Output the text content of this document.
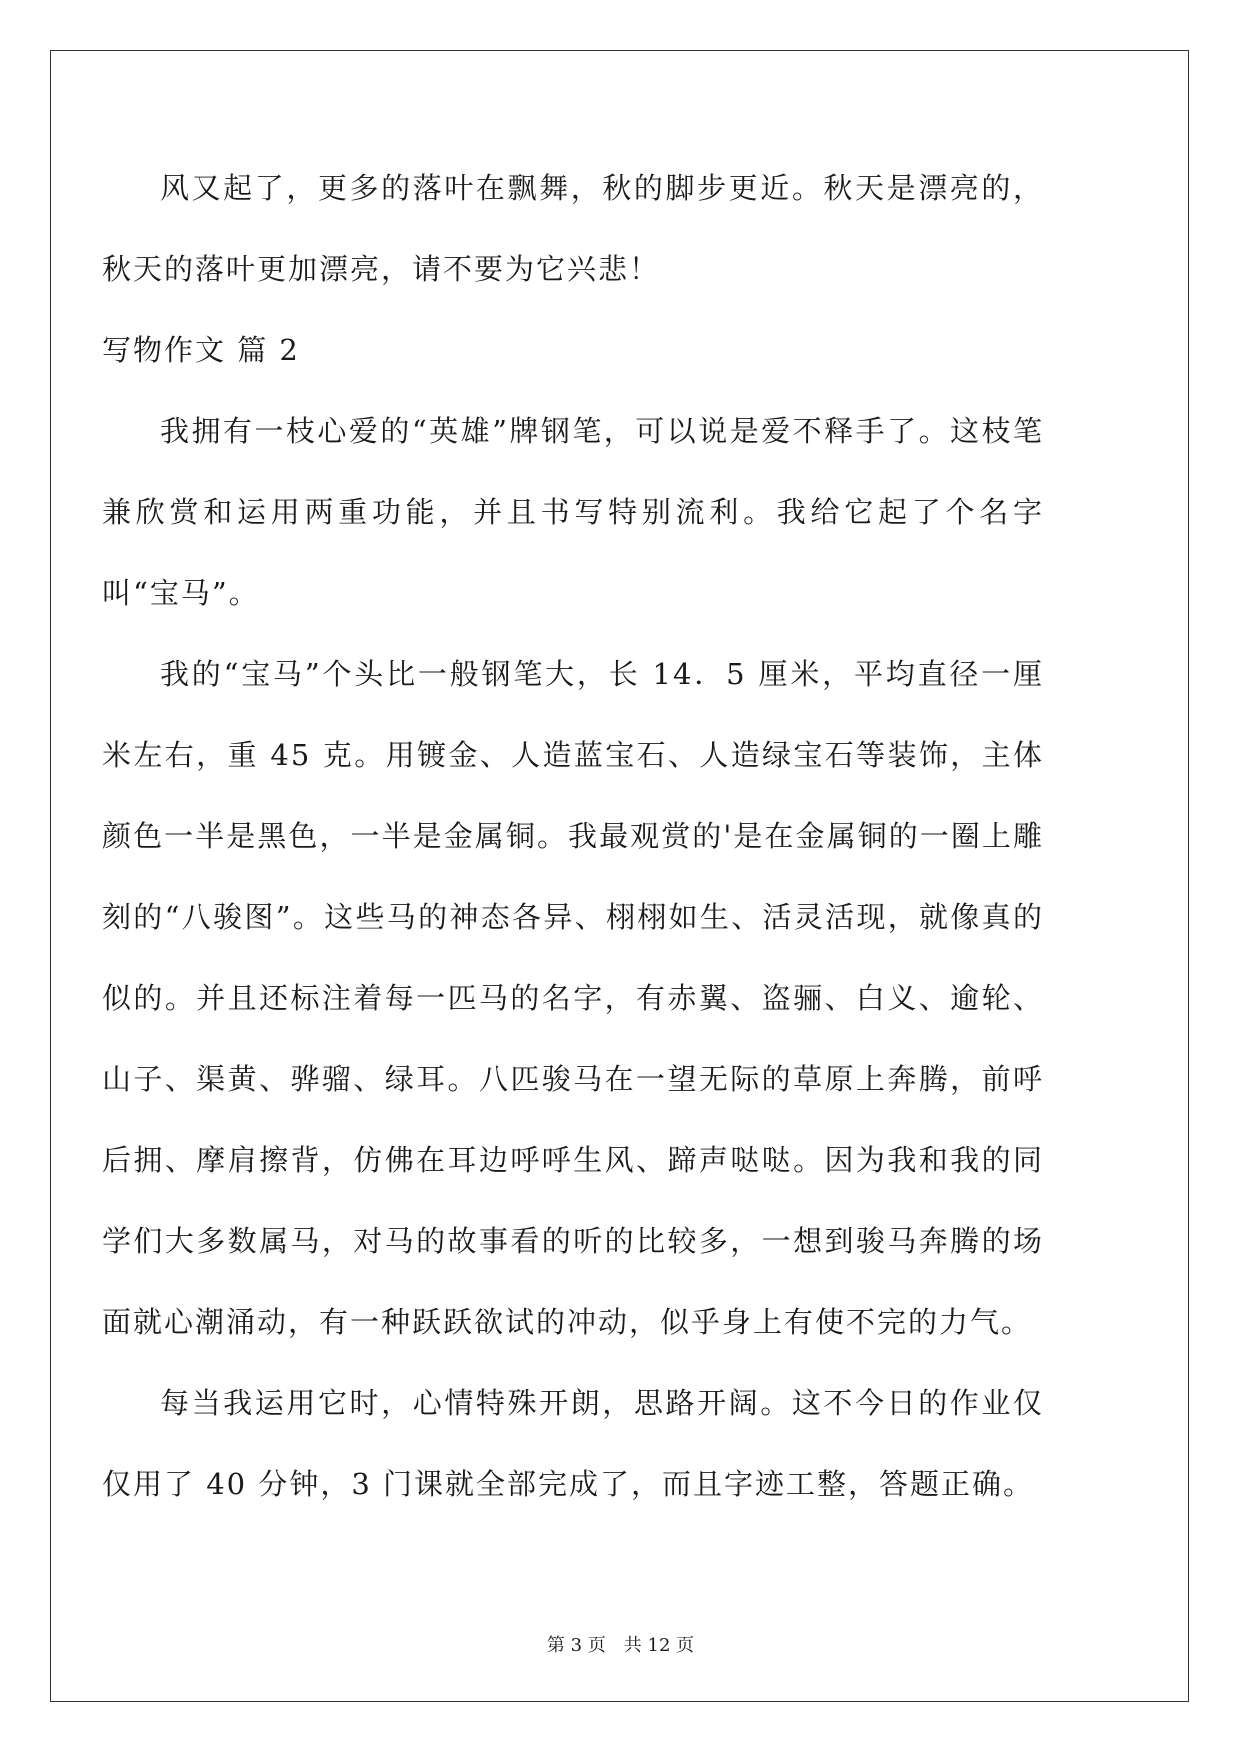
风又起了，更多的落叶在飘舞，秋的脚步更近。秋天是漂亮的，秋天的落叶更加漂亮，请不要为它兴悲！

写物作文 篇 2

我拥有一枝心爱的“英雄”牌钢笔，可以说是爱不释手了。这枝笔兼欣赏和运用两重功能，并且书写特别流利。我给它起了个名字叫“宝马”。

我的“宝马”个头比一般钢笔大，长 14．5 厘米，平均直径一厘米左右，重 45 克。用镀金、人造蓝宝石、人造绿宝石等装饰，主体颜色一半是黑色，一半是金属铜。我最观赏的'是在金属铜的一圈上雕刻的“八骏图”。这些马的神态各异、栩栩如生、活灵活现，就像真的似的。并且还标注着每一匹马的名字，有赤翼、盗骊、白义、逾轮、山子、渠黄、骅骝、绿耳。八匹骏马在一望无际的草原上奔腾，前呼后拥、摩肩擦背，仿佛在耳边呼呼生风、蹄声哒哒。因为我和我的同学们大多数属马，对马的故事看的听的比较多，一想到骏马奔腾的场面就心潮涌动，有一种跃跃欲试的冲动，似乎身上有使不完的力气。

每当我运用它时，心情特殊开朗，思路开阔。这不今日的作业仅仅用了 40 分钟，3 门课就全部完成了，而且字迹工整，答题正确。

第 3 页　共 12 页
